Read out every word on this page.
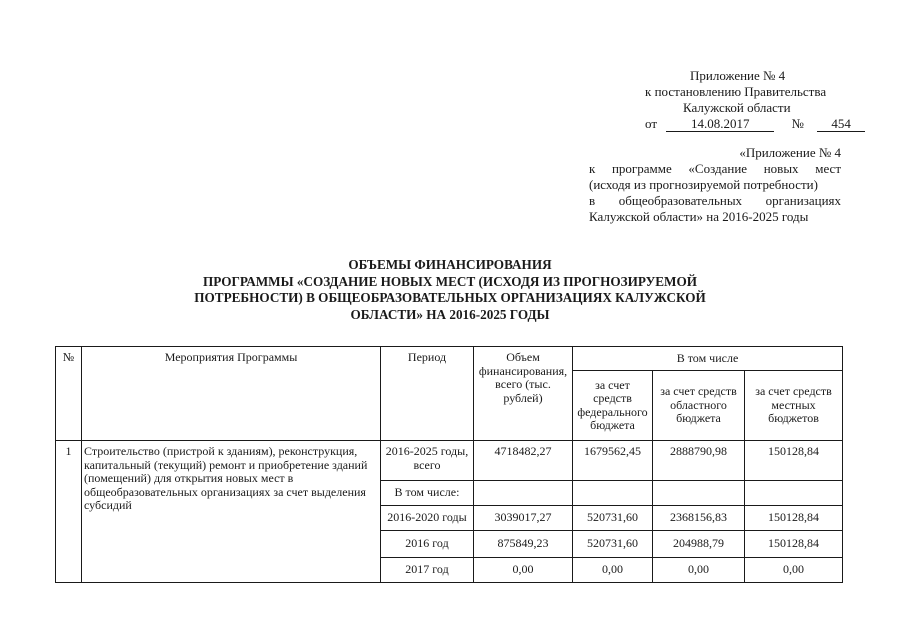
Приложение № 4
к постановлению Правительства
Калужской области
от	14.08.2017	№ 454
«Приложение № 4
к программе «Создание новых мест
(исходя из прогнозируемой потребности)
в общеобразовательных организациях
Калужской области» на 2016-2025 годы
ОБЪЕМЫ ФИНАНСИРОВАНИЯ
ПРОГРАММЫ «СОЗДАНИЕ НОВЫХ МЕСТ (ИСХОДЯ ИЗ ПРОГНОЗИРУЕМОЙ
ПОТРЕБНОСТИ) В ОБЩЕОБРАЗОВАТЕЛЬНЫХ ОРГАНИЗАЦИЯХ КАЛУЖСКОЙ
ОБЛАСТИ» НА 2016-2025 ГОДЫ
№	Мероприятия Программы	Период	Объем финансирования, всего (тыс. рублей)	В том числе		
				за счет средств федерального бюджета	за счет средств областного бюджета	за счет средств местных бюджетов
1	Строительство (пристрой к зданиям), реконструкция, капитальный (текущий) ремонт и приобретение зданий (помещений) для открытия новых мест в общеобразовательных организациях за счет выделения субсидий	2016-2025 годы, всего	4718482,27	1679562,45	2888790,98	150128,84
		В том числе:				
		2016-2020 годы	3039017,27	520731,60	2368156,83	150128,84
		2016 год	875849,23	520731,60	204988,79	150128,84
		2017 год	0,00	0,00	0,00	0,00
